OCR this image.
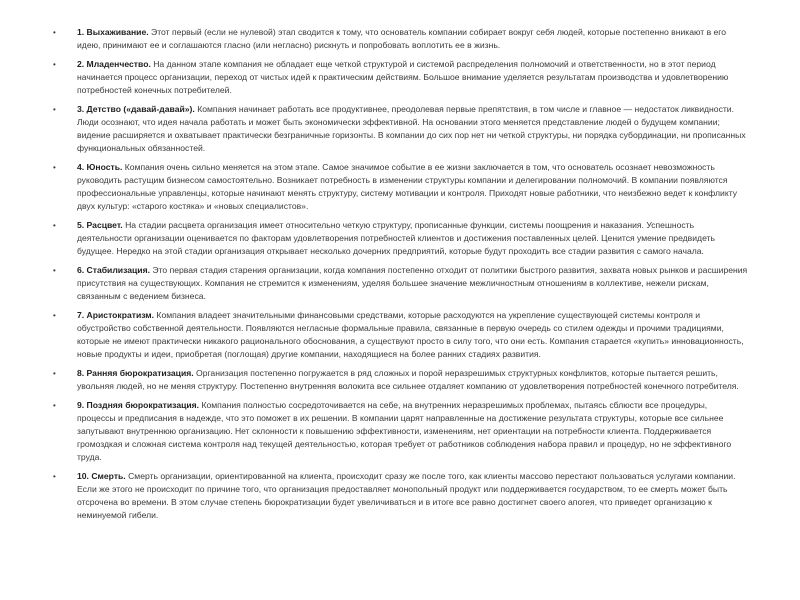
• 1. Выхаживание. Этот первый (если не нулевой) этап сводится к тому, что основатель компании собирает вокруг себя людей, которые постепенно вникают в его идею, принимают ее и соглашаются гласно (или негласно) рискнуть и попробовать воплотить ее в жизнь.
• 2. Младенчество. На данном этапе компания не обладает еще четкой структурой и системой распределения полномочий и ответственности, но в этот период начинается процесс организации, переход от чистых идей к практическим действиям. Большое внимание уделяется результатам производства и удовлетворению потребностей конечных потребителей.
• 3. Детство («давай-давай»). Компания начинает работать все продуктивнее, преодолевая первые препятствия, в том числе и главное — недостаток ликвидности. Люди осознают, что идея начала работать и может быть экономически эффективной. На основании этого меняется представление людей о будущем компании; видение расширяется и охватывает практически безграничные горизонты. В компании до сих пор нет ни четкой структуры, ни порядка субординации, ни прописанных функциональных обязанностей.
• 4. Юность. Компания очень сильно меняется на этом этапе. Самое значимое событие в ее жизни заключается в том, что основатель осознает невозможность руководить растущим бизнесом самостоятельно. Возникает потребность в изменении структуры компании и делегировании полномочий. В компании появляются профессиональные управленцы, которые начинают менять структуру, систему мотивации и контроля. Приходят новые работники, что неизбежно ведет к конфликту двух культур: «старого костяка» и «новых специалистов».
• 5. Расцвет. На стадии расцвета организация имеет относительно четкую структуру, прописанные функции, системы поощрения и наказания. Успешность деятельности организации оценивается по факторам удовлетворения потребностей клиентов и достижения поставленных целей. Ценится умение предвидеть будущее. Нередко на этой стадии организация открывает несколько дочерних предприятий, которые будут проходить все стадии развития с самого начала.
• 6. Стабилизация. Это первая стадия старения организации, когда компания постепенно отходит от политики быстрого развития, захвата новых рынков и расширения присутствия на существующих. Компания не стремится к изменениям, уделяя большее значение межличностным отношениям в коллективе, нежели рискам, связанным с ведением бизнеса.
• 7. Аристократизм. Компания владеет значительными финансовыми средствами, которые расходуются на укрепление существующей системы контроля и обустройство собственной деятельности. Появляются негласные формальные правила, связанные в первую очередь со стилем одежды и прочими традициями, которые не имеют практически никакого рационального обоснования, а существуют просто в силу того, что они есть. Компания старается «купить» инновационность, новые продукты и идеи, приобретая (поглощая) другие компании, находящиеся на более ранних стадиях развития.
• 8. Ранняя бюрократизация. Организация постепенно погружается в ряд сложных и порой неразрешимых структурных конфликтов, которые пытается решить, увольняя людей, но не меняя структуру. Постепенно внутренняя волокита все сильнее отдаляет компанию от удовлетворения потребностей конечного потребителя.
• 9. Поздняя бюрократизация. Компания полностью сосредоточивается на себе, на внутренних неразрешимых проблемах, пытаясь сблюсти все процедуры, процессы и предписания в надежде, что это поможет в их решении. В компании царят направленные на достижение результата структуры, которые все сильнее запутывают внутреннюю организацию. Нет склонности к повышению эффективности, изменениям, нет ориентации на потребности клиента. Поддерживается громоздкая и сложная система контроля над текущей деятельностью, которая требует от работников соблюдения набора правил и процедур, но не эффективного труда.
• 10. Смерть. Смерть организации, ориентированной на клиента, происходит сразу же после того, как клиенты массово перестают пользоваться услугами компании. Если же этого не происходит по причине того, что организация предоставляет монопольный продукт или поддерживается государством, то ее смерть может быть отсрочена во времени. В этом случае степень бюрократизации будет увеличиваться и в итоге все равно достигнет своего апогея, что приведет организацию к неминуемой гибели.
